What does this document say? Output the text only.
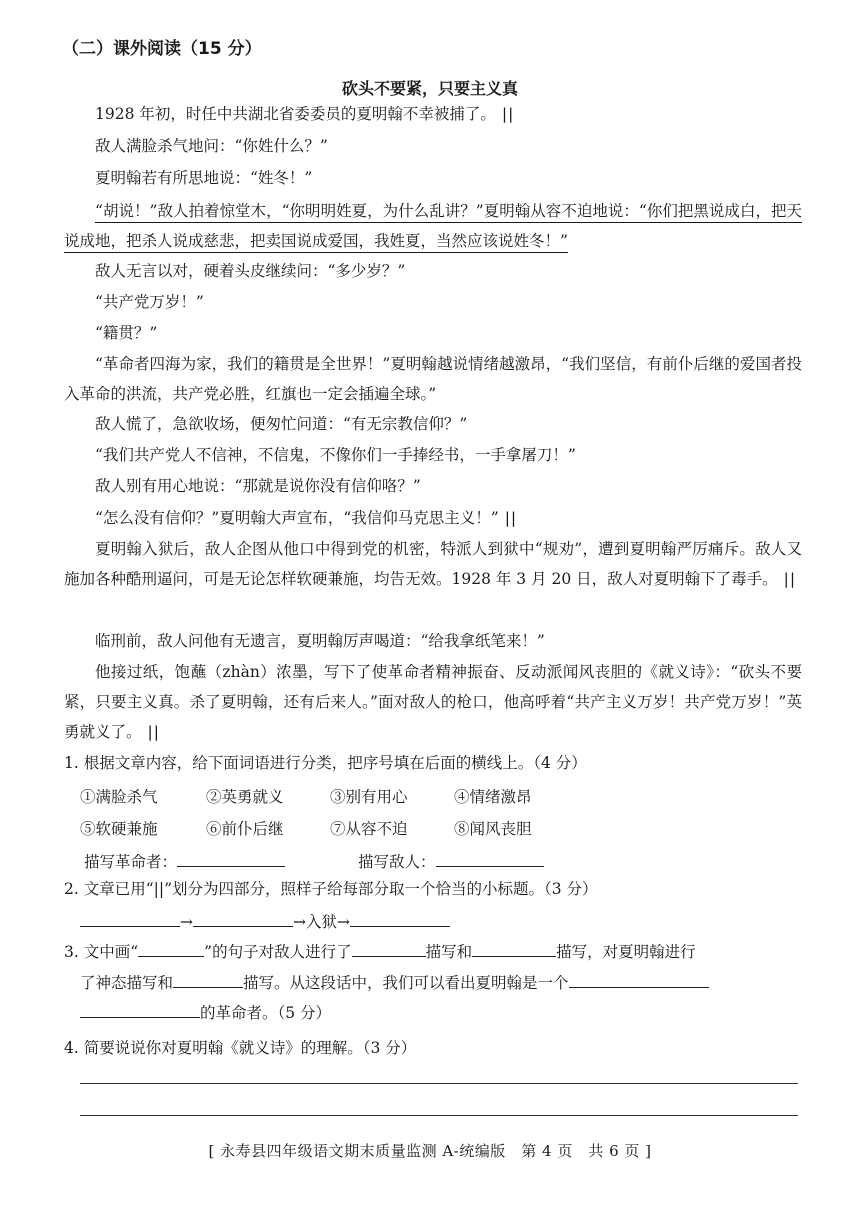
（二）课外阅读（15 分）
砍头不要紧，只要主义真

1928 年初，时任中共湖北省委委员的夏明翰不幸被捕了。 ||

敌人满脸杀气地问：“你姓什么？”

夏明翰若有所思地说：“姓冬！”

“胡说！”敌人拍着惊堂木，“你明明姓夏，为什么乱讲？”夏明翰从容不迫地说：“你们把黑说成白，把天说成地，把杀人说成慈悲，把卖国说成爱国，我姓夏，当然应该说姓冬！”

敌人无言以对，硬着头皮继续问：“多少岁？”

“共产党万岁！”

“籍贯？”

“革命者四海为家，我们的籍贯是全世界！”夏明翰越说情绪越激昂，“我们坚信，有前仆后继的爱国者投入革命的洪流，共产党必胜，红旗也一定会插遍全球。”

敌人慌了，急欲收场，便匆忙问道：“有无宗教信仰？”

“我们共产党人不信神，不信鬼，不像你们一手捧经书，一手拿屠刀！”

敌人别有用心地说：“那就是说你没有信仰咯？”

“怎么没有信仰？”夏明翰大声宣布，“我信仰马克思主义！” ||

夏明翰入狱后，敌人企图从他口中得到党的机密，特派人到狱中“规劝”，遭到夏明翰严厉痛斥。敌人又施加各种酷刑逼问，可是无论怎样软硬兼施，均告无效。1928 年 3 月 20 日，敌人对夏明翰下了毒手。 ||

临刑前，敌人问他有无遗言，夏明翰厉声喝道：“给我拿纸笔来！”

他接过纸，饱蘸（zhàn）浓墨，写下了使革命者精神振奋、反动派闻风丧胆的《就义诗》：“砍头不要紧，只要主义真。杀了夏明翰，还有后来人。”面对敌人的枪口，他高呼着“共产主义万岁！共产党万岁！”英勇就义了。 ||

1. 根据文章内容，给下面词语进行分类，把序号填在后面的横线上。（4 分）
①满脸杀气	②英勇就义	③别有用心	④情绪激昂
⑤软硬兼施	⑥前仆后继	⑦从容不迫	⑧闻风丧胆
描写革命者：	描写敌人：
2. 文章已用“||”划分为四部分，照样子给每部分取一个恰当的小标题。（3 分）
→	→入狱→
3. 文中画“	”的句子对敌人进行了	描写和	描写，对夏明翰进行
了神态描写和	描写。从这段话中，我们可以看出夏明翰是一个
的革命者。（5 分）
4. 简要说说你对夏明翰《就义诗》的理解。（3 分）
[ 永寿县四年级语文期末质量监测 A-统编版　第 4 页　共 6 页 ]
